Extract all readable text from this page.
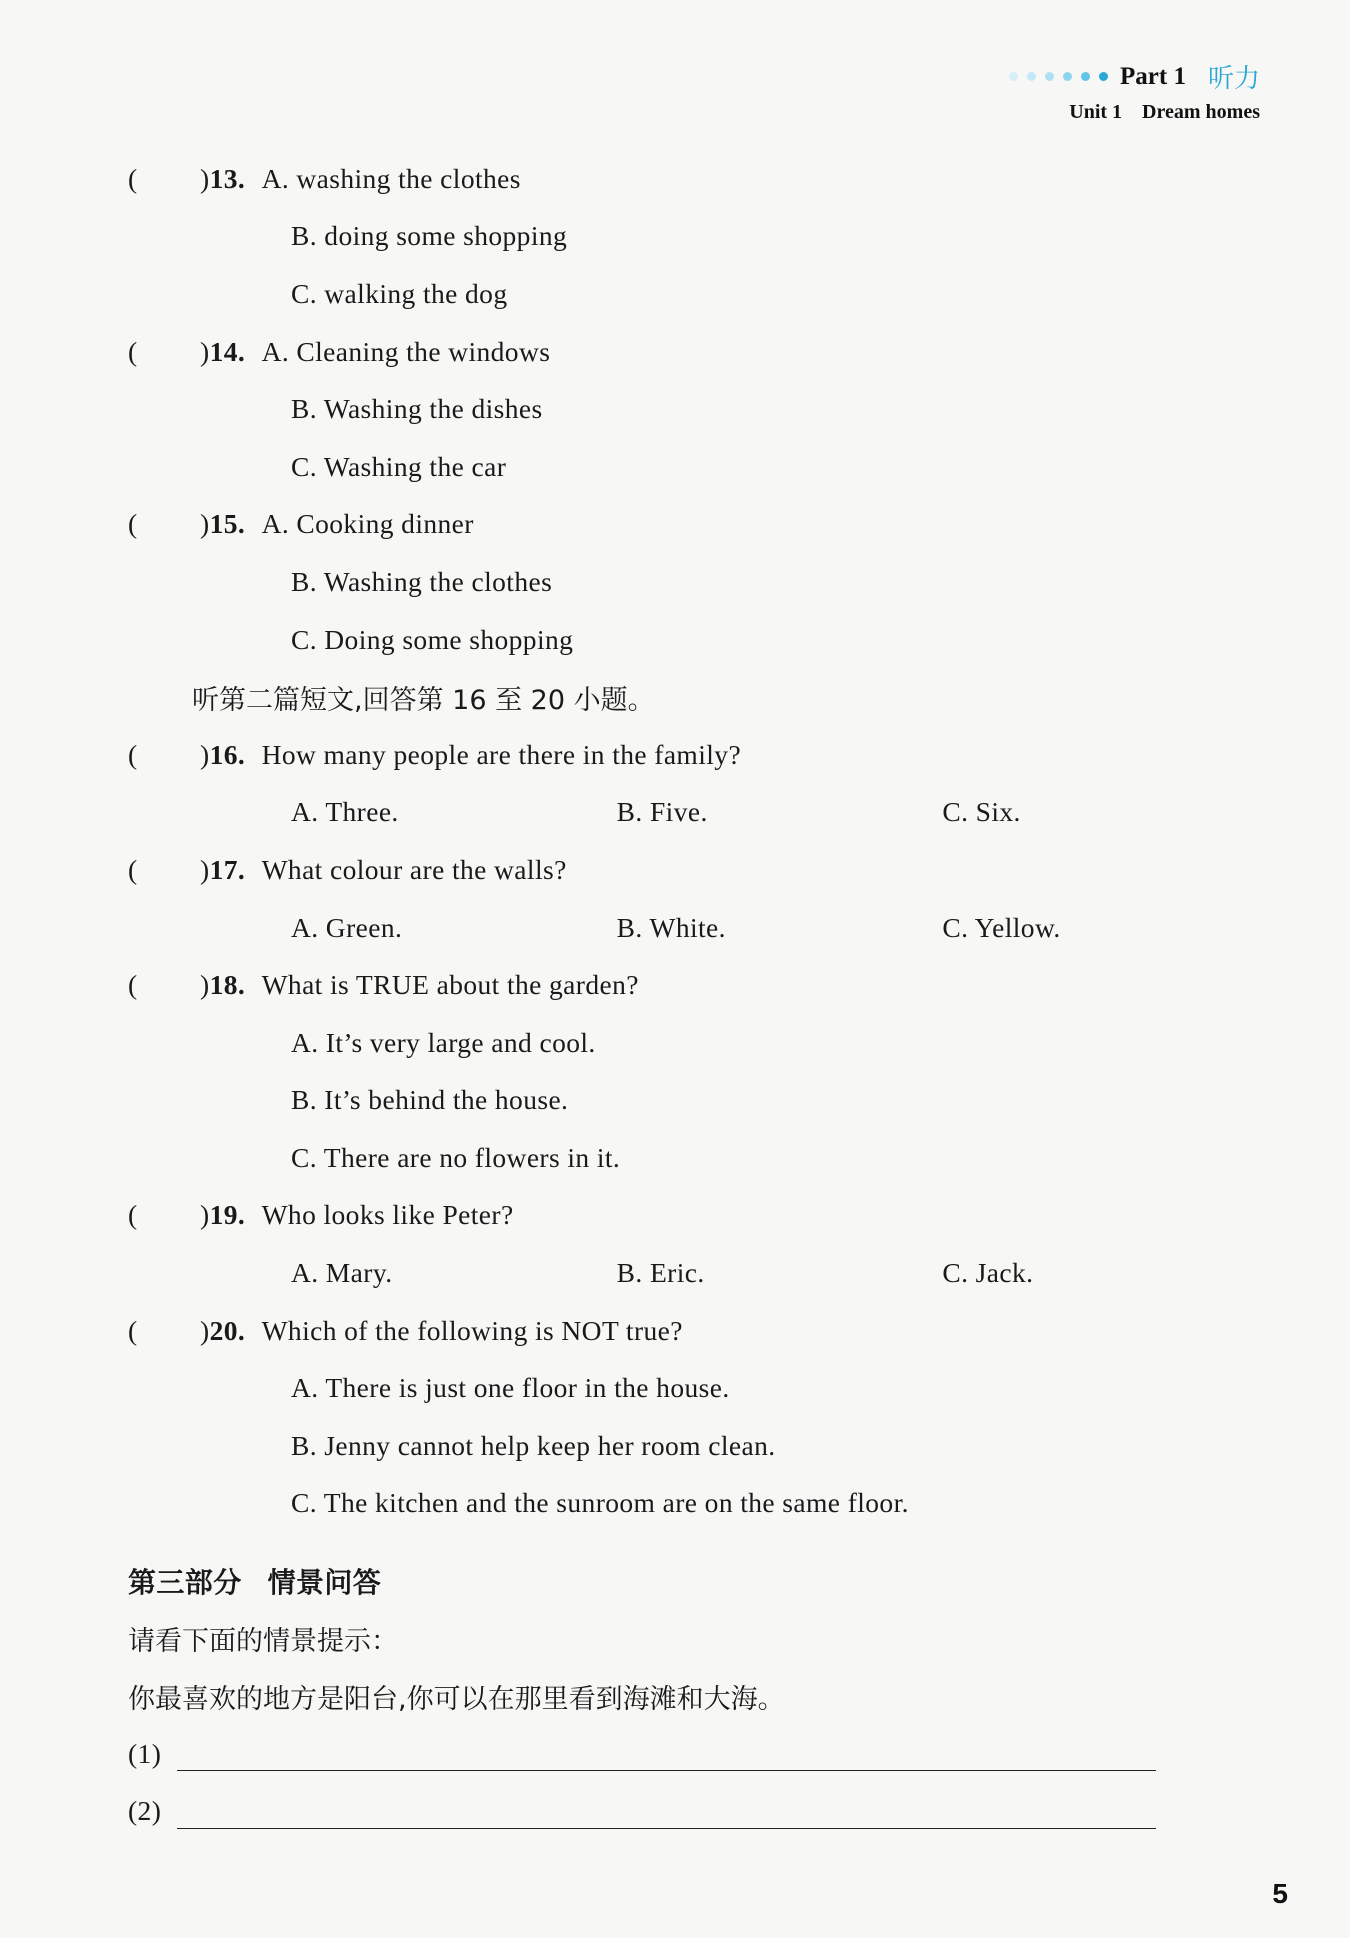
Part 1 听力
Unit 1 Dream homes
(	) 13. A. washing the clothes
B. doing some shopping
C. walking the dog
(	) 14. A. Cleaning the windows
B. Washing the dishes
C. Washing the car
(	) 15. A. Cooking dinner
B. Washing the clothes
C. Doing some shopping
听第二篇短文,回答第 16 至 20 小题。
(	) 16. How many people are there in the family?
A. Three.	B. Five.	C. Six.
(	) 17. What colour are the walls?
A. Green.	B. White.	C. Yellow.
(	) 18. What is TRUE about the garden?
A. It’s very large and cool.
B. It’s behind the house.
C. There are no flowers in it.
(	) 19. Who looks like Peter?
A. Mary.	B. Eric.	C. Jack.
(	) 20. Which of the following is NOT true?
A. There is just one floor in the house.
B. Jenny cannot help keep her room clean.
C. The kitchen and the sunroom are on the same floor.
第三部分 情景问答
请看下面的情景提示：
你最喜欢的地方是阳台,你可以在那里看到海滩和大海。
(1)
(2)
5
